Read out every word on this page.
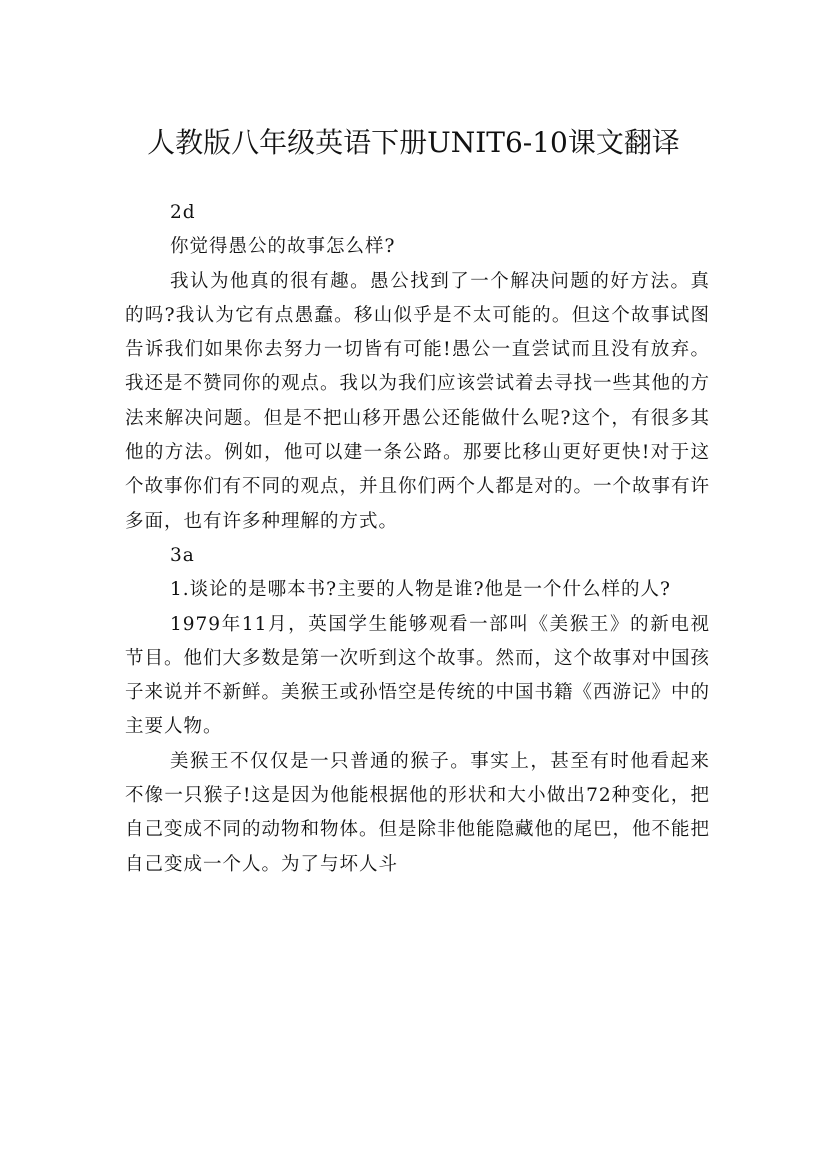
人教版八年级英语下册UNIT6-10课文翻译

2d

你觉得愚公的故事怎么样?

我认为他真的很有趣。愚公找到了一个解决问题的好方法。真的吗?我认为它有点愚蠢。移山似乎是不太可能的。但这个故事试图告诉我们如果你去努力一切皆有可能!愚公一直尝试而且没有放弃。我还是不赞同你的观点。我以为我们应该尝试着去寻找一些其他的方法来解决问题。但是不把山移开愚公还能做什么呢?这个，有很多其他的方法。例如，他可以建一条公路。那要比移山更好更快!对于这个故事你们有不同的观点，并且你们两个人都是对的。一个故事有许多面，也有许多种理解的方式。

3a

1.谈论的是哪本书?主要的人物是谁?他是一个什么样的人?

1979年11月，英国学生能够观看一部叫《美猴王》的新电视节目。他们大多数是第一次听到这个故事。然而，这个故事对中国孩子来说并不新鲜。美猴王或孙悟空是传统的中国书籍《西游记》中的主要人物。

美猴王不仅仅是一只普通的猴子。事实上，甚至有时他看起来不像一只猴子!这是因为他能根据他的形状和大小做出72种变化，把自己变成不同的动物和物体。但是除非他能隐藏他的尾巴，他不能把自己变成一个人。为了与坏人斗
